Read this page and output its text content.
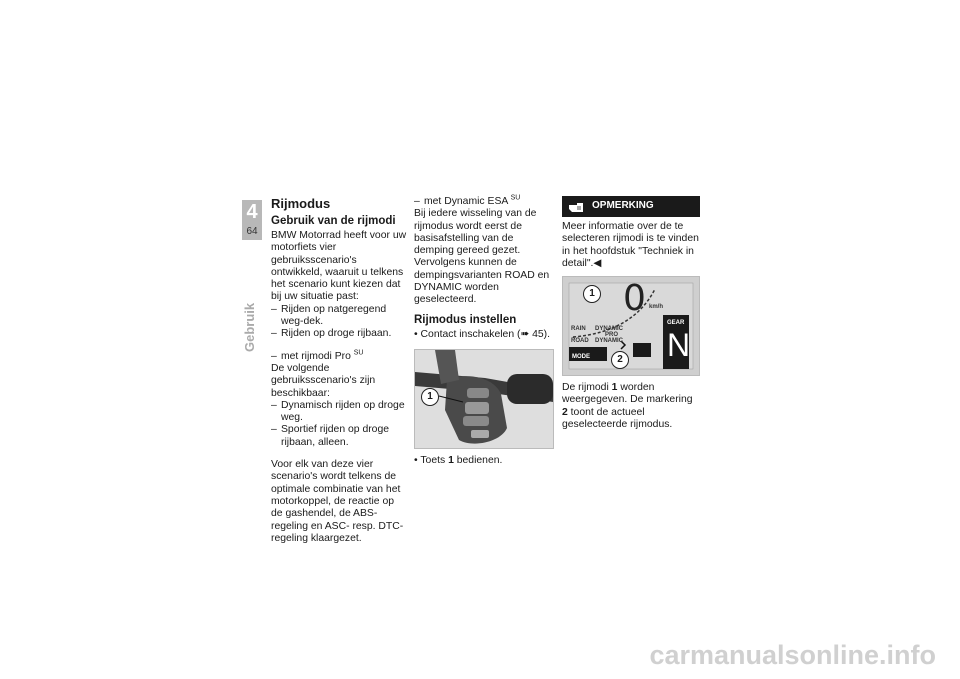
4
64
Gebruik
Rijmodus
Gebruik van de rijmodi

BMW Motorrad heeft voor uw motorfiets vier gebruiksscenario's ontwikkeld, waaruit u telkens het scenario kunt kiezen dat bij uw situatie past:

– Rijden op natgeregend weg-dek.
– Rijden op droge rijbaan.
– met rijmodi Pro $^{SU}$

De volgende gebruiksscenario's zijn beschikbaar:

– Dynamisch rijden op droge weg.
– Sportief rijden op droge rijbaan, alleen.

Voor elk van deze vier scenario's wordt telkens de optimale combinatie van het motorkoppel, de reactie op de gashendel, de ABS-regeling en ASC- resp. DTC-regeling klaargezet.

– met Dynamic ESA $^{SU}$

Bij iedere wisseling van de rijmodus wordt eerst de basisafstelling van de demping gereed gezet. Vervolgens kunnen de dempingsvarianten ROAD en DYNAMIC worden geselecteerd.

Rijmodus instellen

• Contact inschakelen (➠ 45).

1

• Toets 1 bedienen.

OPMERKING

Meer informatie over de te selecteren rijmodi is te vinden in het hoofdstuk "Techniek in detail".◀

0 km/h
RAIN DYNAMIC
PRO
ROAD DYNAMIC
MODE
GEAR
N
1
2

De rijmodi 1 worden weergegeven. De markering 2 toont de actueel geselecteerde rijmodus.

carmanualsonline.info
